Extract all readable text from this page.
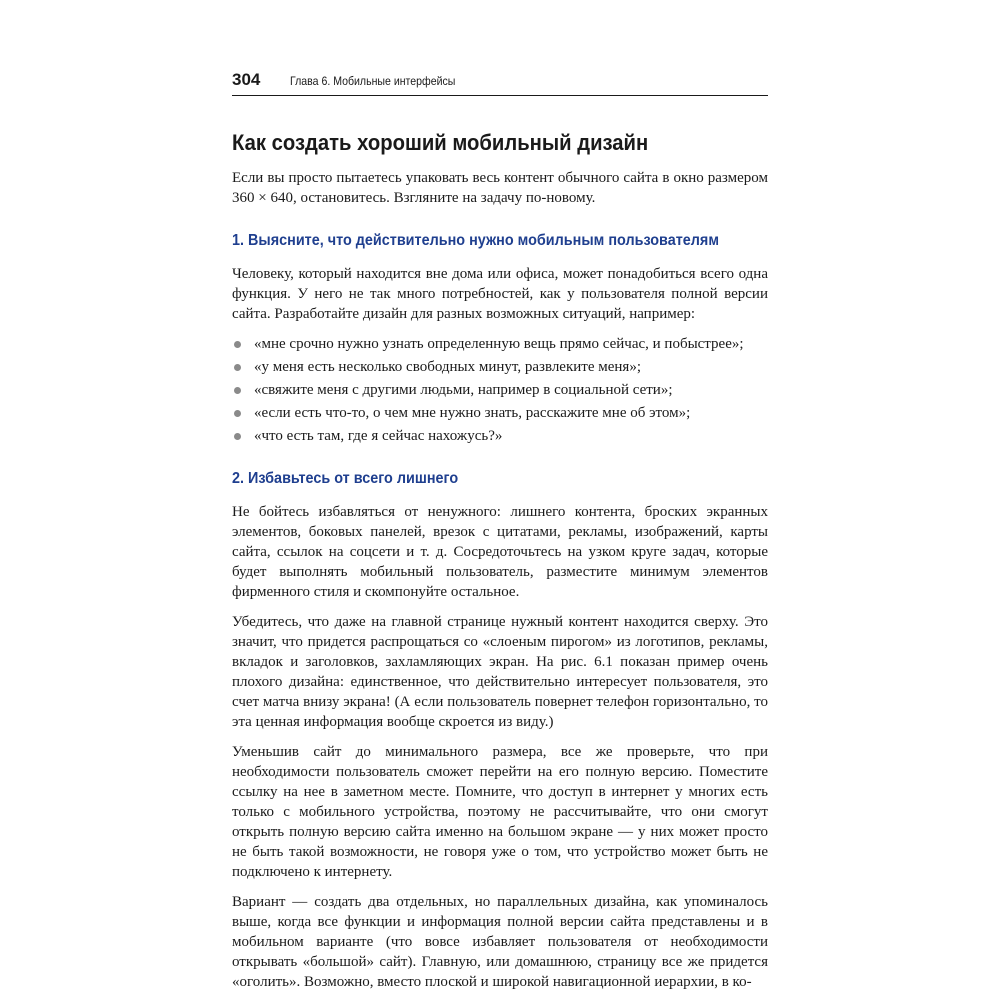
304 Глава 6. Мобильные интерфейсы
Как создать хороший мобильный дизайн

Если вы просто пытаетесь упаковать весь контент обычного сайта в окно размером 360 × 640, остановитесь. Взгляните на задачу по-новому.

1. Выясните, что действительно нужно мобильным пользователям

Человеку, который находится вне дома или офиса, может понадобиться всего одна функция. У него не так много потребностей, как у пользователя полной версии сайта. Разработайте дизайн для разных возможных ситуаций, например:

«мне срочно нужно узнать определенную вещь прямо сейчас, и побыстрее»;
«у меня есть несколько свободных минут, развлеките меня»;
«свяжите меня с другими людьми, например в социальной сети»;
«если есть что-то, о чем мне нужно знать, расскажите мне об этом»;
«что есть там, где я сейчас нахожусь?»
2. Избавьтесь от всего лишнего

Не бойтесь избавляться от ненужного: лишнего контента, броских экранных элементов, боковых панелей, врезок с цитатами, рекламы, изображений, карты сайта, ссылок на соцсети и т. д. Сосредоточьтесь на узком круге задач, которые будет выполнять мобильный пользователь, разместите минимум элементов фирменного стиля и скомпонуйте остальное.

Убедитесь, что даже на главной странице нужный контент находится сверху. Это значит, что придется распрощаться со «слоеным пирогом» из логотипов, рекламы, вкладок и заголовков, захламляющих экран. На рис. 6.1 показан пример очень плохого дизайна: единственное, что действительно интересует пользователя, это счет матча внизу экрана! (А если пользователь повернет телефон горизонтально, то эта ценная информация вообще скроется из виду.)

Уменьшив сайт до минимального размера, все же проверьте, что при необходимости пользователь сможет перейти на его полную версию. Поместите ссылку на нее в заметном месте. Помните, что доступ в интернет у многих есть только с мобильного устройства, поэтому не рассчитывайте, что они смогут открыть полную версию сайта именно на большом экране — у них может просто не быть такой возможности, не говоря уже о том, что устройство может быть не подключено к интернету.

Вариант — создать два отдельных, но параллельных дизайна, как упоминалось выше, когда все функции и информация полной версии сайта представлены и в мобильном варианте (что вовсе избавляет пользователя от необходимости открывать «большой» сайт). Главную, или домашнюю, страницу все же придется «оголить». Возможно, вместо плоской и широкой навигационной иерархии, в ко-
